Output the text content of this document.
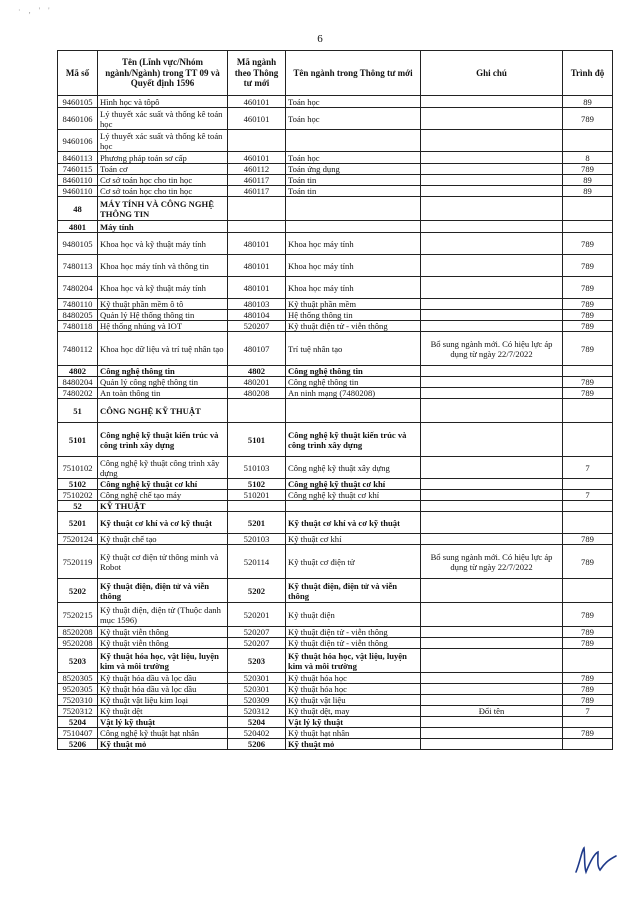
· , ' '
6
Mã số	Tên (Lĩnh vực/Nhóm ngành/Ngành) trong TT 09 và Quyết định 1596	Mã ngành theo Thông tư mới	Tên ngành trong Thông tư mới	Ghi chú	Trình độ
9460105	Hình học và tôpô	460101	Toán học		89
8460106	Lý thuyết xác suất và thống kê toán học	460101	Toán học		789
9460106	Lý thuyết xác suất và thống kê toán học				
8460113	Phương pháp toán sơ cấp	460101	Toán học		8
7460115	Toán cơ	460112	Toán ứng dụng		789
8460110	Cơ sở toán học cho tin học	460117	Toán tin		89
9460110	Cơ sở toán học cho tin học	460117	Toán tin		89
48	MÁY TÍNH VÀ CÔNG NGHỆ THÔNG TIN				
4801	Máy tính				
9480105	Khoa học và kỹ thuật máy tính	480101	Khoa học máy tính		789
7480113	Khoa học máy tính và thông tin	480101	Khoa học máy tính		789
7480204	Khoa học và kỹ thuật máy tính	480101	Khoa học máy tính		789
7480110	Kỹ thuật phần mềm ô tô	480103	Kỹ thuật phần mềm		789
8480205	Quản lý Hệ thống thông tin	480104	Hệ thống thông tin		789
7480118	Hệ thống nhúng và IOT	520207	Kỹ thuật điện tử - viễn thông		789
7480112	Khoa học dữ liệu và trí tuệ nhân tạo	480107	Trí tuệ nhân tạo	Bổ sung ngành mới. Có hiệu lực áp dụng từ ngày 22/7/2022	789
4802	Công nghệ thông tin	4802	Công nghệ thông tin		
8480204	Quản lý công nghệ thông tin	480201	Công nghệ thông tin		789
7480202	An toàn thông tin	480208	An ninh mạng (7480208)		789
51	CÔNG NGHỆ KỸ THUẬT				
5101	Công nghệ kỹ thuật kiến trúc và công trình xây dựng	5101	Công nghệ kỹ thuật kiến trúc và công trình xây dựng		
7510102	Công nghệ kỹ thuật công trình xây dựng	510103	Công nghệ kỹ thuật xây dựng		7
5102	Công nghệ kỹ thuật cơ khí	5102	Công nghệ kỹ thuật cơ khí		
7510202	Công nghệ chế tạo máy	510201	Công nghệ kỹ thuật cơ khí		7
52	KỸ THUẬT				
5201	Kỹ thuật cơ khí và cơ kỹ thuật	5201	Kỹ thuật cơ khí và cơ kỹ thuật		
7520124	Kỹ thuật chế tạo	520103	Kỹ thuật cơ khí		789
7520119	Kỹ thuật cơ điện tử thông minh và Robot	520114	Kỹ thuật cơ điện tử	Bổ sung ngành mới. Có hiệu lực áp dụng từ ngày 22/7/2022	789
5202	Kỹ thuật điện, điện tử và viễn thông	5202	Kỹ thuật điện, điện tử và viễn thông		
7520215	Kỹ thuật điện, điện tử (Thuộc danh mục 1596)	520201	Kỹ thuật điện		789
8520208	Kỹ thuật viễn thông	520207	Kỹ thuật điện tử - viễn thông		789
9520208	Kỹ thuật viễn thông	520207	Kỹ thuật điện tử - viễn thông		789
5203	Kỹ thuật hóa học, vật liệu, luyện kim và môi trường	5203	Kỹ thuật hóa học, vật liệu, luyện kim và môi trường		
8520305	Kỹ thuật hóa dầu và lọc dầu	520301	Kỹ thuật hóa học		789
9520305	Kỹ thuật hóa dầu và lọc dầu	520301	Kỹ thuật hóa học		789
7520310	Kỹ thuật vật liệu kim loại	520309	Kỹ thuật vật liệu		789
7520312	Kỹ thuật dệt	520312	Kỹ thuật dệt, may	Đổi tên	7
5204	Vật lý kỹ thuật	5204	Vật lý kỹ thuật		
7510407	Công nghệ kỹ thuật hạt nhân	520402	Kỹ thuật hạt nhân		789
5206	Kỹ thuật mỏ	5206	Kỹ thuật mỏ		
